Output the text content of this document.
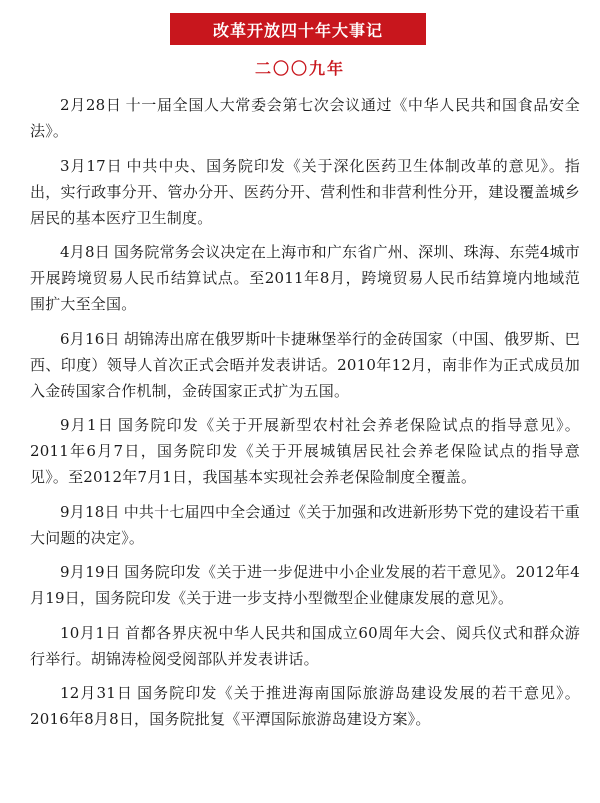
改革开放四十年大事记
二〇〇九年

2月28日 十一届全国人大常委会第七次会议通过《中华人民共和国食品安全法》。

3月17日 中共中央、国务院印发《关于深化医药卫生体制改革的意见》。指出，实行政事分开、管办分开、医药分开、营利性和非营利性分开，建设覆盖城乡居民的基本医疗卫生制度。

4月8日 国务院常务会议决定在上海市和广东省广州、深圳、珠海、东莞4城市开展跨境贸易人民币结算试点。至2011年8月，跨境贸易人民币结算境内地域范围扩大至全国。

6月16日 胡锦涛出席在俄罗斯叶卡捷琳堡举行的金砖国家（中国、俄罗斯、巴西、印度）领导人首次正式会晤并发表讲话。2010年12月，南非作为正式成员加入金砖国家合作机制，金砖国家正式扩为五国。

9月1日 国务院印发《关于开展新型农村社会养老保险试点的指导意见》。2011年6月7日，国务院印发《关于开展城镇居民社会养老保险试点的指导意见》。至2012年7月1日，我国基本实现社会养老保险制度全覆盖。

9月18日 中共十七届四中全会通过《关于加强和改进新形势下党的建设若干重大问题的决定》。

9月19日 国务院印发《关于进一步促进中小企业发展的若干意见》。2012年4月19日，国务院印发《关于进一步支持小型微型企业健康发展的意见》。

10月1日 首都各界庆祝中华人民共和国成立60周年大会、阅兵仪式和群众游行举行。胡锦涛检阅受阅部队并发表讲话。

12月31日 国务院印发《关于推进海南国际旅游岛建设发展的若干意见》。2016年8月8日，国务院批复《平潭国际旅游岛建设方案》。
